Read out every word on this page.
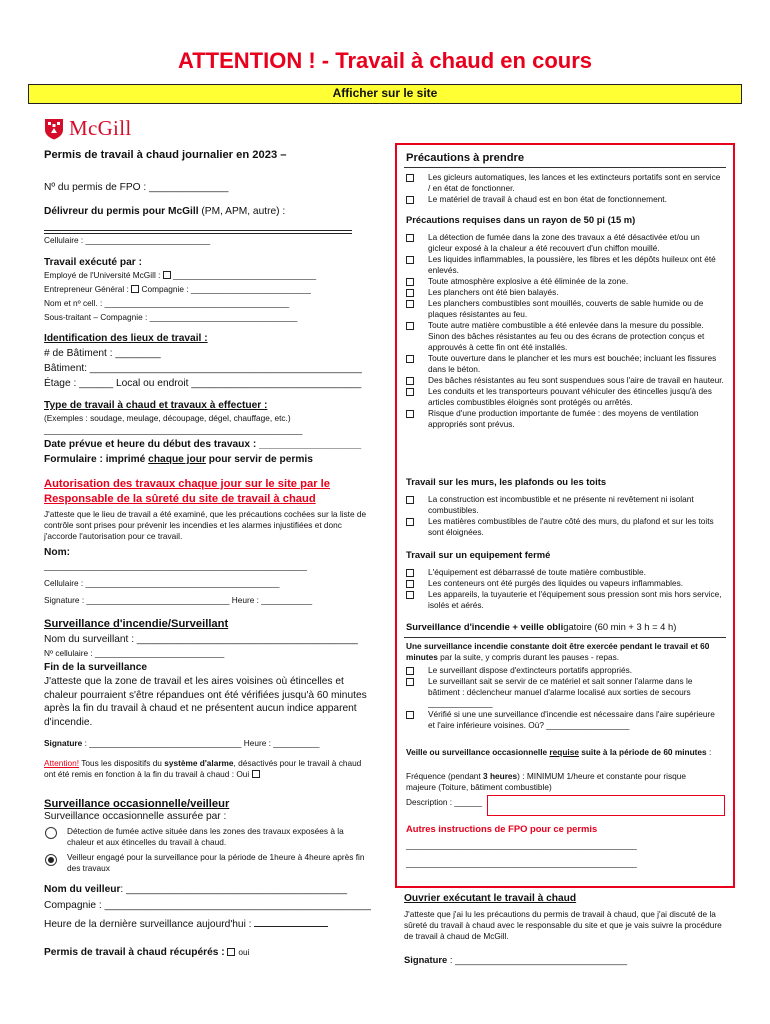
ATTENTION ! - Travail à chaud en cours
Afficher sur le site
McGill
Permis de travail à chaud journalier en 2023 –
Nº du permis de FPO : ______________
Délivreur du permis pour McGill (PM, APM, autre) :
Cellulaire : ___________________________
Travail exécuté par :
Employé de l'Université McGill : _______________________________
Entrepreneur Général : Compagnie : __________________________
Nom et nº cell. : ________________________________________
Sous-traitant – Compagnie : ________________________________
Identification des lieux de travail :
# de Bâtiment : ________
Bâtiment: ________________________________________________
Étage : ______ Local ou endroit ______________________________
Type de travail à chaud et travaux à effectuer :
(Exemples : soudage, meulage, découpage, dégel, chauffage, etc.)
________________________________________________________
Date prévue et heure du début des travaux : __________________
Formulaire : imprimé chaque jour pour servir de permis
Autorisation des travaux chaque jour sur le site par le
Responsable de la sûreté du site de travail à chaud
J'atteste que le lieu de travail a été examiné, que les précautions cochées sur la liste de contrôle sont prises pour prévenir les incendies et les alarmes injustifiées et donc j'accorde l'autorisation pour ce travail.
Nom:
_________________________________________________________
Cellulaire : __________________________________________
Signature : _______________________________ Heure : ___________
Surveillance d'incendie/Surveillant
Nom du surveillant : _______________________________________
Nº cellulaire : ____________________________
Fin de la surveillance
J'atteste que la zone de travail et les aires voisines où étincelles et chaleur pourraient s'être répandues ont été vérifiées jusqu'à 60 minutes après la fin du travail à chaud et ne présentent aucun indice apparent d'incendie.
Signature : _________________________________ Heure : __________
Attention! Tous les dispositifs du système d'alarme, désactivés pour le travail à chaud ont été remis en fonction à la fin du travail à chaud : Oui
Surveillance occasionnelle/veilleur
Surveillance occasionnelle assurée par :
Détection de fumée active située dans les zones des travaux exposées à la chaleur et aux étincelles du travail à chaud.
Veilleur engagé pour la surveillance pour la période de 1heure à 4heure après fin des travaux
Nom du veilleur: _______________________________________
Compagnie : _______________________________________________
Heure de la dernière surveillance aujourd'hui :
Permis de travail à chaud récupérés : oui
Précautions à prendre
Les gicleurs automatiques, les lances et les extincteurs portatifs sont en service / en état de fonctionner.
Le matériel de travail à chaud est en bon état de fonctionnement.
Précautions requises dans un rayon de 50 pi (15 m)
La détection de fumée dans la zone des travaux a été désactivée et/ou un gicleur exposé à la chaleur a été recouvert d'un chiffon mouillé.
Les liquides inflammables, la poussière, les fibres et les dépôts huileux ont été enlevés.
Toute atmosphère explosive a été éliminée de la zone.
Les planchers ont été bien balayés.
Les planchers combustibles sont mouillés, couverts de sable humide ou de plaques résistantes au feu.
Toute autre matière combustible a été enlevée dans la mesure du possible. Sinon des bâches résistantes au feu ou des écrans de protection conçus et approuvés à cette fin ont été installés.
Toute ouverture dans le plancher et les murs est bouchée; incluant les fissures dans le béton.
Des bâches résistantes au feu sont suspendues sous l'aire de travail en hauteur.
Les conduits et les transporteurs pouvant véhiculer des étincelles jusqu'à des articles combustibles éloignés sont protégés ou arrêtés.
Risque d'une production importante de fumée : des moyens de ventilation appropriés sont prévus.
Travail sur les murs, les plafonds ou les toits
La construction est incombustible et ne présente ni revêtement ni isolant combustibles.
Les matières combustibles de l'autre côté des murs, du plafond et sur les toits sont éloignées.
Travail sur un equipement fermé
L'équipement est débarrassé de toute matière combustible.
Les conteneurs ont été purgés des liquides ou vapeurs inflammables.
Les appareils, la tuyauterie et l'équipement sous pression sont mis hors service, isolés et aérés.
Surveillance d'incendie + veille obligatoire (60 min + 3 h = 4 h)
Une surveillance incendie constante doit être exercée pendant le travail et 60 minutes par la suite, y compris durant les pauses - repas.
Le surveillant dispose d'extincteurs portatifs appropriés.
Le surveillant sait se servir de ce matériel et sait sonner l'alarme dans le bâtiment : déclencheur manuel d'alarme localisé aux sorties de secours ______________
Vérifié si une une surveillance d'incendie est nécessaire dans l'aire supérieure et l'aire inférieure voisines. Où? __________________
Veille ou surveillance occasionnelle requise suite à la période de 60 minutes :
Fréquence (pendant 3 heures) : MINIMUM 1/heure et constante pour risque majeure (Toiture, bâtiment combustible)
Description : ______
Autres instructions de FPO pour ce permis
__________________________________________________
__________________________________________________
Ouvrier exécutant le travail à chaud
J'atteste que j'ai lu les précautions du permis de travail à chaud, que j'ai discuté de la sûreté du travail à chaud avec le responsable du site et que je vais suivre la procédure de travail à chaud de McGill.
Signature : _________________________________
